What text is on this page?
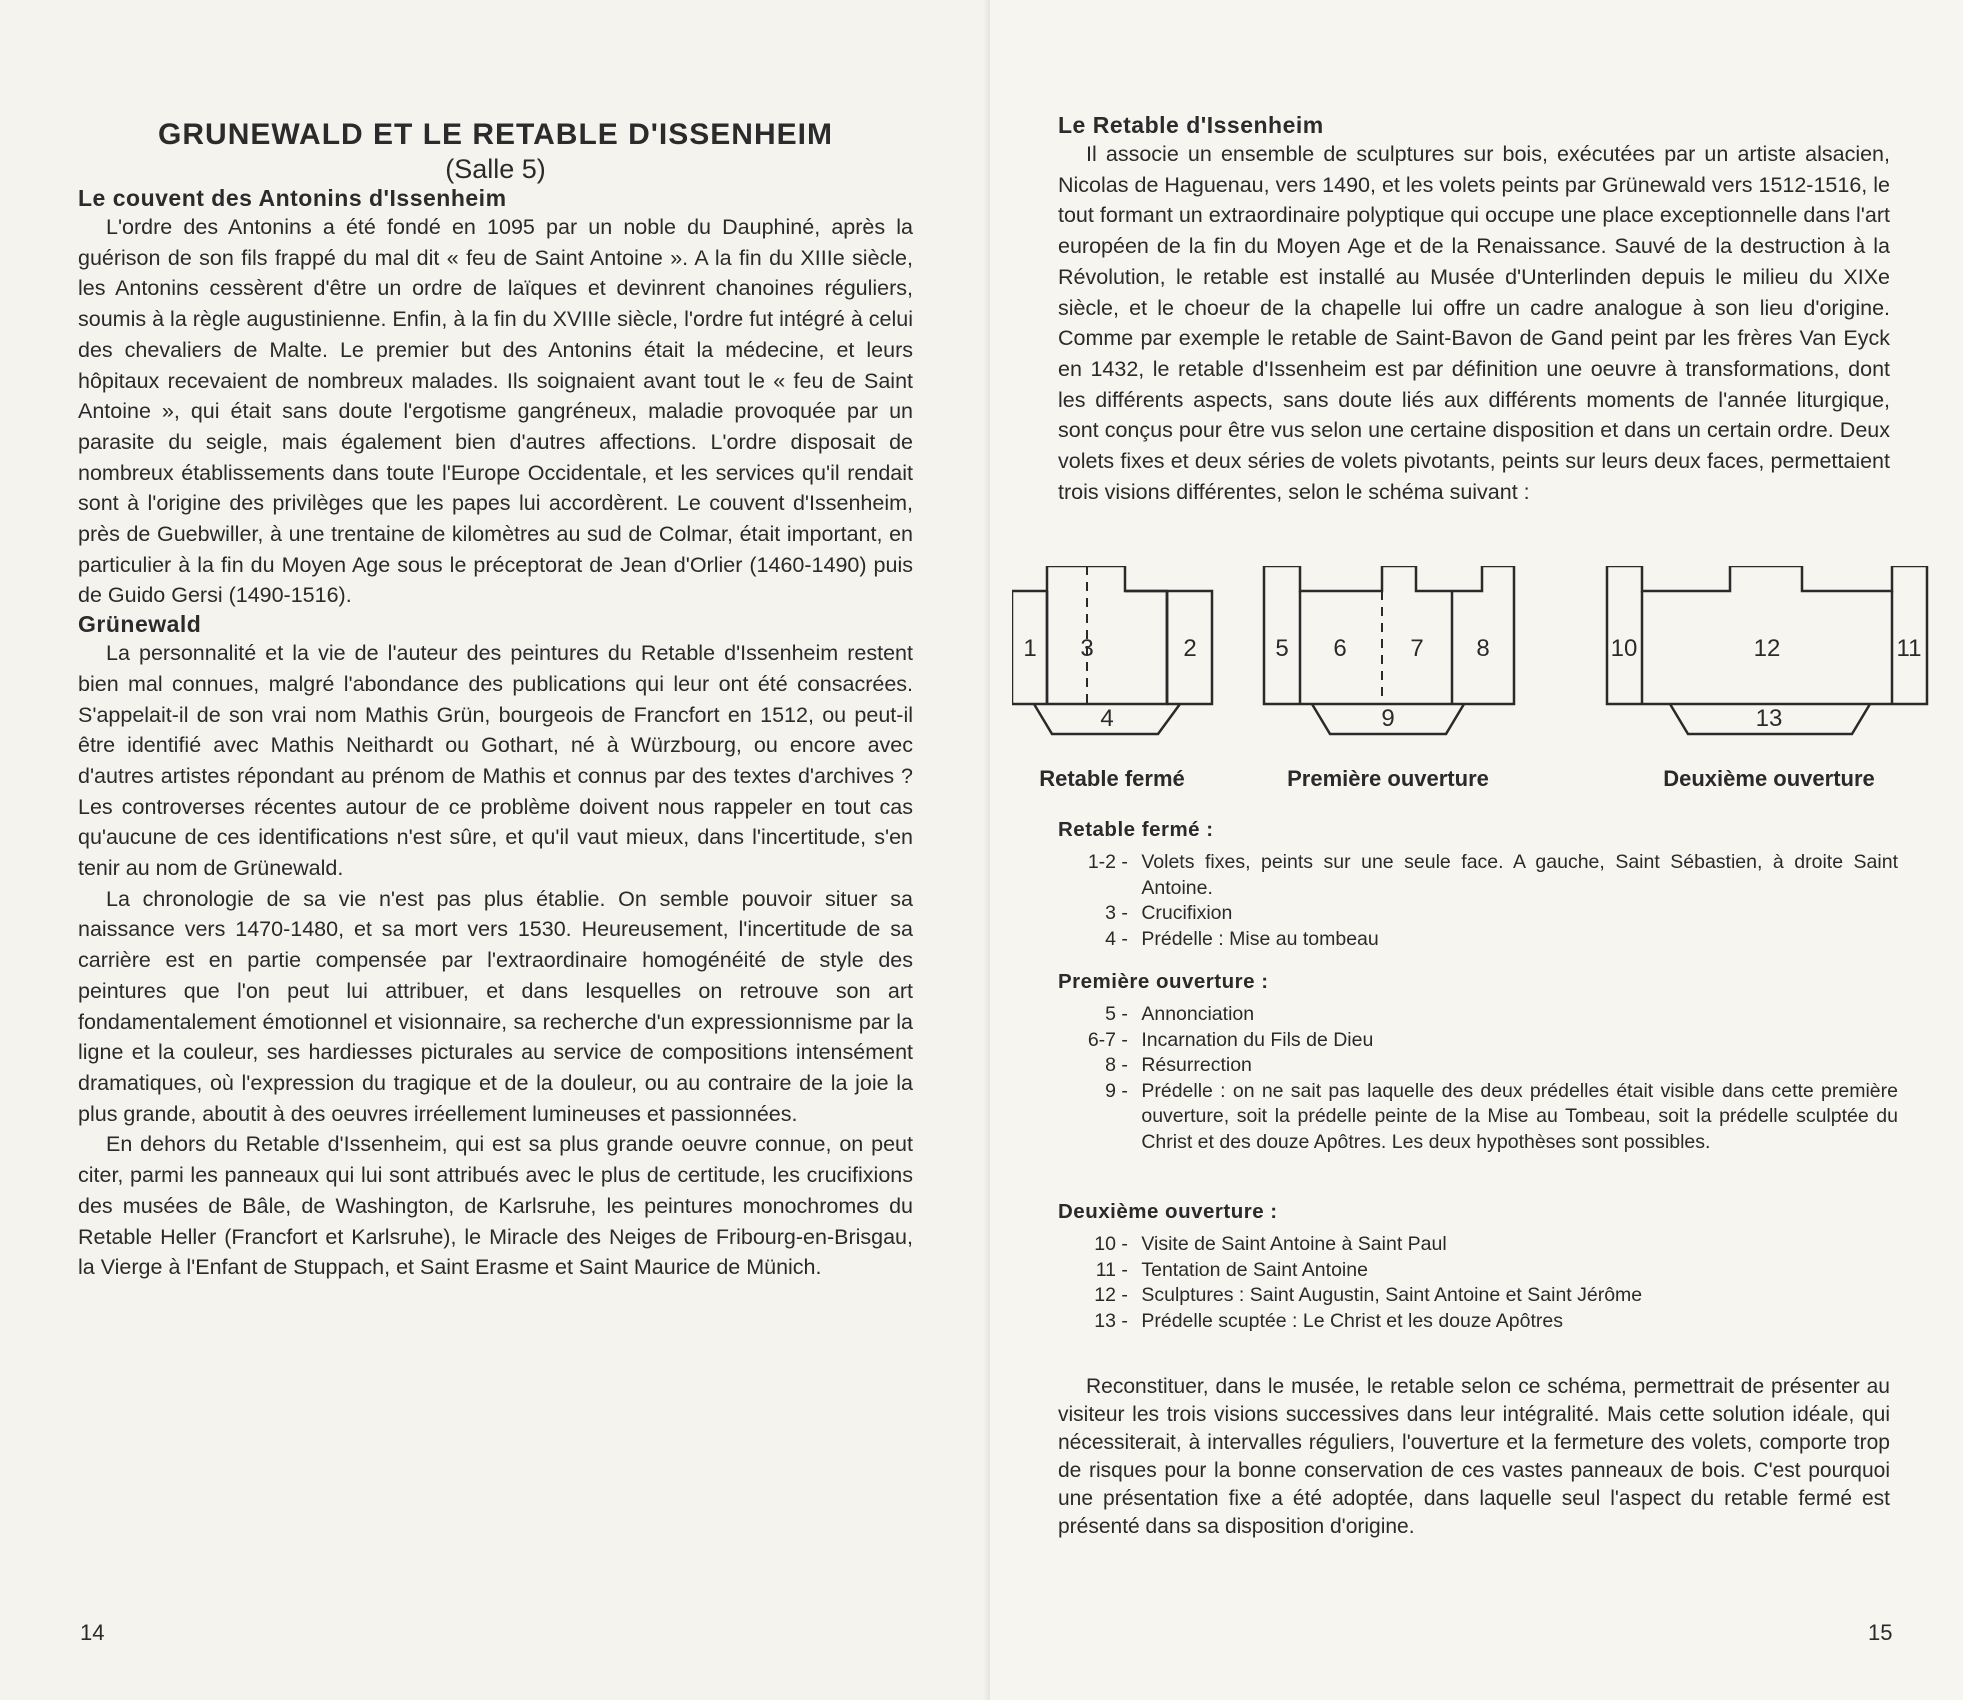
GRUNEWALD ET LE RETABLE D'ISSENHEIM
(Salle 5)
Le couvent des Antonins d'Issenheim

L'ordre des Antonins a été fondé en 1095 par un noble du Dauphiné, après la guérison de son fils frappé du mal dit « feu de Saint Antoine ». A la fin du XIIIe siècle, les Antonins cessèrent d'être un ordre de laïques et devinrent chanoines réguliers, soumis à la règle augustinienne. Enfin, à la fin du XVIIIe siècle, l'ordre fut intégré à celui des chevaliers de Malte. Le premier but des Antonins était la médecine, et leurs hôpitaux recevaient de nombreux malades. Ils soignaient avant tout le « feu de Saint Antoine », qui était sans doute l'ergotisme gangréneux, maladie provoquée par un parasite du seigle, mais également bien d'autres affections. L'ordre disposait de nombreux établissements dans toute l'Europe Occidentale, et les services qu'il rendait sont à l'origine des privilèges que les papes lui accordèrent. Le couvent d'Issenheim, près de Guebwiller, à une trentaine de kilomètres au sud de Colmar, était important, en particulier à la fin du Moyen Age sous le préceptorat de Jean d'Orlier (1460-1490) puis de Guido Gersi (1490-1516).

Grünewald

La personnalité et la vie de l'auteur des peintures du Retable d'Issenheim restent bien mal connues, malgré l'abondance des publications qui leur ont été consacrées. S'appelait-il de son vrai nom Mathis Grün, bourgeois de Francfort en 1512, ou peut-il être identifié avec Mathis Neithardt ou Gothart, né à Würzbourg, ou encore avec d'autres artistes répondant au prénom de Mathis et connus par des textes d'archives ? Les controverses récentes autour de ce problème doivent nous rappeler en tout cas qu'aucune de ces identifications n'est sûre, et qu'il vaut mieux, dans l'incertitude, s'en tenir au nom de Grünewald.

La chronologie de sa vie n'est pas plus établie. On semble pouvoir situer sa naissance vers 1470-1480, et sa mort vers 1530. Heureusement, l'incertitude de sa carrière est en partie compensée par l'extraordinaire homogénéité de style des peintures que l'on peut lui attribuer, et dans lesquelles on retrouve son art fondamentalement émotionnel et visionnaire, sa recherche d'un expressionnisme par la ligne et la couleur, ses hardiesses picturales au service de compositions intensément dramatiques, où l'expression du tragique et de la douleur, ou au contraire de la joie la plus grande, aboutit à des oeuvres irréellement lumineuses et passionnées.

En dehors du Retable d'Issenheim, qui est sa plus grande oeuvre connue, on peut citer, parmi les panneaux qui lui sont attribués avec le plus de certitude, les crucifixions des musées de Bâle, de Washington, de Karlsruhe, les peintures monochromes du Retable Heller (Francfort et Karlsruhe), le Miracle des Neiges de Fribourg-en-Brisgau, la Vierge à l'Enfant de Stuppach, et Saint Erasme et Saint Maurice de Münich.

14
Le Retable d'Issenheim

Il associe un ensemble de sculptures sur bois, exécutées par un artiste alsacien, Nicolas de Haguenau, vers 1490, et les volets peints par Grünewald vers 1512-1516, le tout formant un extraordinaire polyptique qui occupe une place exceptionnelle dans l'art européen de la fin du Moyen Age et de la Renaissance. Sauvé de la destruction à la Révolution, le retable est installé au Musée d'Unterlinden depuis le milieu du XIXe siècle, et le choeur de la chapelle lui offre un cadre analogue à son lieu d'origine. Comme par exemple le retable de Saint-Bavon de Gand peint par les frères Van Eyck en 1432, le retable d'Issenheim est par définition une oeuvre à transformations, dont les différents aspects, sans doute liés aux différents moments de l'année liturgique, sont conçus pour être vus selon une certaine disposition et dans un certain ordre. Deux volets fixes et deux séries de volets pivotants, peints sur leurs deux faces, permettaient trois visions différentes, selon le schéma suivant :

1 3	2
4
5 6	7 8
9
10	12	11
13
Retable fermé	Première ouverture	Deuxième ouverture
Retable fermé :
1-2 - Volets fixes, peints sur une seule face. A gauche, Saint Sébastien, à droite Saint Antoine.
3 - Crucifixion
4 - Prédelle : Mise au tombeau
Première ouverture :
5 - Annonciation
6-7 - Incarnation du Fils de Dieu
8 - Résurrection
9 - Prédelle : on ne sait pas laquelle des deux prédelles était visible dans cette première ouverture, soit la prédelle peinte de la Mise au Tombeau, soit la prédelle sculptée du Christ et des douze Apôtres. Les deux hypothèses sont possibles.
Deuxième ouverture :
10 - Visite de Saint Antoine à Saint Paul
11 - Tentation de Saint Antoine
12 - Sculptures : Saint Augustin, Saint Antoine et Saint Jérôme
13 - Prédelle scuptée : Le Christ et les douze Apôtres

Reconstituer, dans le musée, le retable selon ce schéma, permettrait de présenter au visiteur les trois visions successives dans leur intégralité. Mais cette solution idéale, qui nécessiterait, à intervalles réguliers, l'ouverture et la fermeture des volets, comporte trop de risques pour la bonne conservation de ces vastes panneaux de bois. C'est pourquoi une présentation fixe a été adoptée, dans laquelle seul l'aspect du retable fermé est présenté dans sa disposition d'origine.

15
